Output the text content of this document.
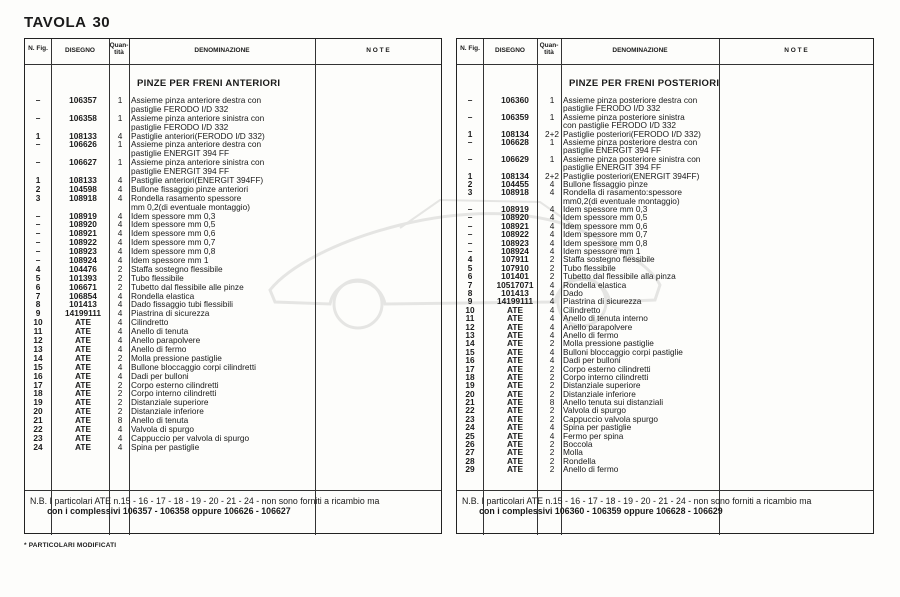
TAVOLA 30
N. Fig.	DISEGNO
Quan-tità	DENOMINAZIONE	N O T E
PINZE PER FRENI ANTERIORI
–	106357	1	Assieme pinza anteriore destra con
pastiglie FERODO I/D 332
–	106358	1	Assieme pinza anteriore sinistra con
pastiglie FERODO I/D 332
1	108133	4	Pastiglie anteriori(FERODO I/D 332)
–	106626	1	Assieme pinza anteriore destra con
pastiglie ENERGIT 394 FF
–	106627	1	Assieme pinza anteriore sinistra con
pastiglie ENERGIT 394 FF
1	108133	4	Pastiglie anteriori(ENERGIT 394FF)
2	104598	4	Bullone fissaggio pinze anteriori
3	108918	4	Rondella rasamento spessore
mm 0,2(di eventuale montaggio)
–	108919	4	Idem spessore mm 0,3
–	108920	4	Idem spessore mm 0,5
–	108921	4	Idem spessore mm 0,6
–	108922	4	Idem spessore mm 0,7
–	108923	4	Idem spessore mm 0,8
–	108924	4	Idem spessore mm 1
4	104476	2	Staffa sostegno flessibile
5	101393	2	Tubo flessibile
6	106671	2	Tubetto dal flessibile alle pinze
7	106854	4	Rondella elastica
8	101413	4	Dado fissaggio tubi flessibili
9	14199111	4	Piastrina di sicurezza
10	ATE	4	Cilindretto
11	ATE	4	Anello di tenuta
12	ATE	4	Anello parapolvere
13	ATE	4	Anello di fermo
14	ATE	2	Molla pressione pastiglie
15	ATE	4	Bullone bloccaggio corpi cilindretti
16	ATE	4	Dadi per bulloni
17	ATE	2	Corpo esterno cilindretti
18	ATE	2	Corpo interno cilindretti
19	ATE	2	Distanziale superiore
20	ATE	2	Distanziale inferiore
21	ATE	8	Anello di tenuta
22	ATE	4	Valvola di spurgo
23	ATE	4	Cappuccio per valvola di spurgo
24	ATE	4	Spina per pastiglie
N.B. I particolari ATE n.15 - 16 - 17 - 18 - 19 - 20 - 21 - 24 - non sono forniti a ricambio ma
con i complessivi 106357 - 106358 oppure 106626 - 106627
N. Fig.	DISEGNO
Quan-tità	DENOMINAZIONE	N O T E
PINZE PER FRENI POSTERIORI
–	106360	1	Assieme pinza posteriore destra con
pastiglie FERODO I/D 332
–	106359	1	Assieme pinza posteriore sinistra
con pastiglie FERODO I/D 332
1	108134	2+2 Pastiglie posteriori(FERODO I/D 332)
–	106628	1	Assieme pinza posteriore destra con
pastiglie ENERGIT 394 FF
–	106629	1	Assieme pinza posteriore sinistra con
pastiglie ENERGIT 394 FF
1	108134	2+2 Pastiglie posteriori(ENERGIT 394FF)
2	104455	4	Bullone fissaggio pinze
3	108918	4	Rondella di rasamento:spessore
mm0,2(di eventuale montaggio)
–	108919	4	Idem spessore mm 0,3
–	108920	4	Idem spessore mm 0,5
–	108921	4	Idem spessore mm 0,6
–	108922	4	Idem spessore mm 0,7
–	108923	4	Idem spessore mm 0,8
–	108924	4	Idem spessore mm 1
4	107911	2	Staffa sostegno flessibile
5	107910	2	Tubo flessibile
6	101401	2	Tubetto dal flessibile alla pinza
7	10517071	4	Rondella elastica
8	101413	4	Dado
9	14199111	4	Piastrina di sicurezza
10	ATE	4	Cilindretto
11	ATE	4	Anello di tenuta interno
12	ATE	4	Anello parapolvere
13	ATE	4	Anello di fermo
14	ATE	2	Molla pressione pastiglie
15	ATE	4	Bulloni bloccaggio corpi pastiglie
16	ATE	4	Dadi per bulloni
17	ATE	2	Corpo esterno cilindretti
18	ATE	2	Corpo interno cilindretti
19	ATE	2	Distanziale superiore
20	ATE	2	Distanziale inferiore
21	ATE	8	Anello tenuta sui distanziali
22	ATE	2	Valvola di spurgo
23	ATE	2	Cappuccio valvola spurgo
24	ATE	4	Spina per pastiglie
25	ATE	4	Fermo per spina
26	ATE	2	Boccola
27	ATE	2	Molla
28	ATE	2	Rondella
29	ATE	2	Anello di fermo
N.B. I particolari ATE n.15 - 16 - 17 - 18 - 19 - 20 - 21 - 24 - non sono forniti a ricambio ma
con i complessivi 106360 - 106359 oppure 106628 - 106629
* PARTICOLARI MODIFICATI
